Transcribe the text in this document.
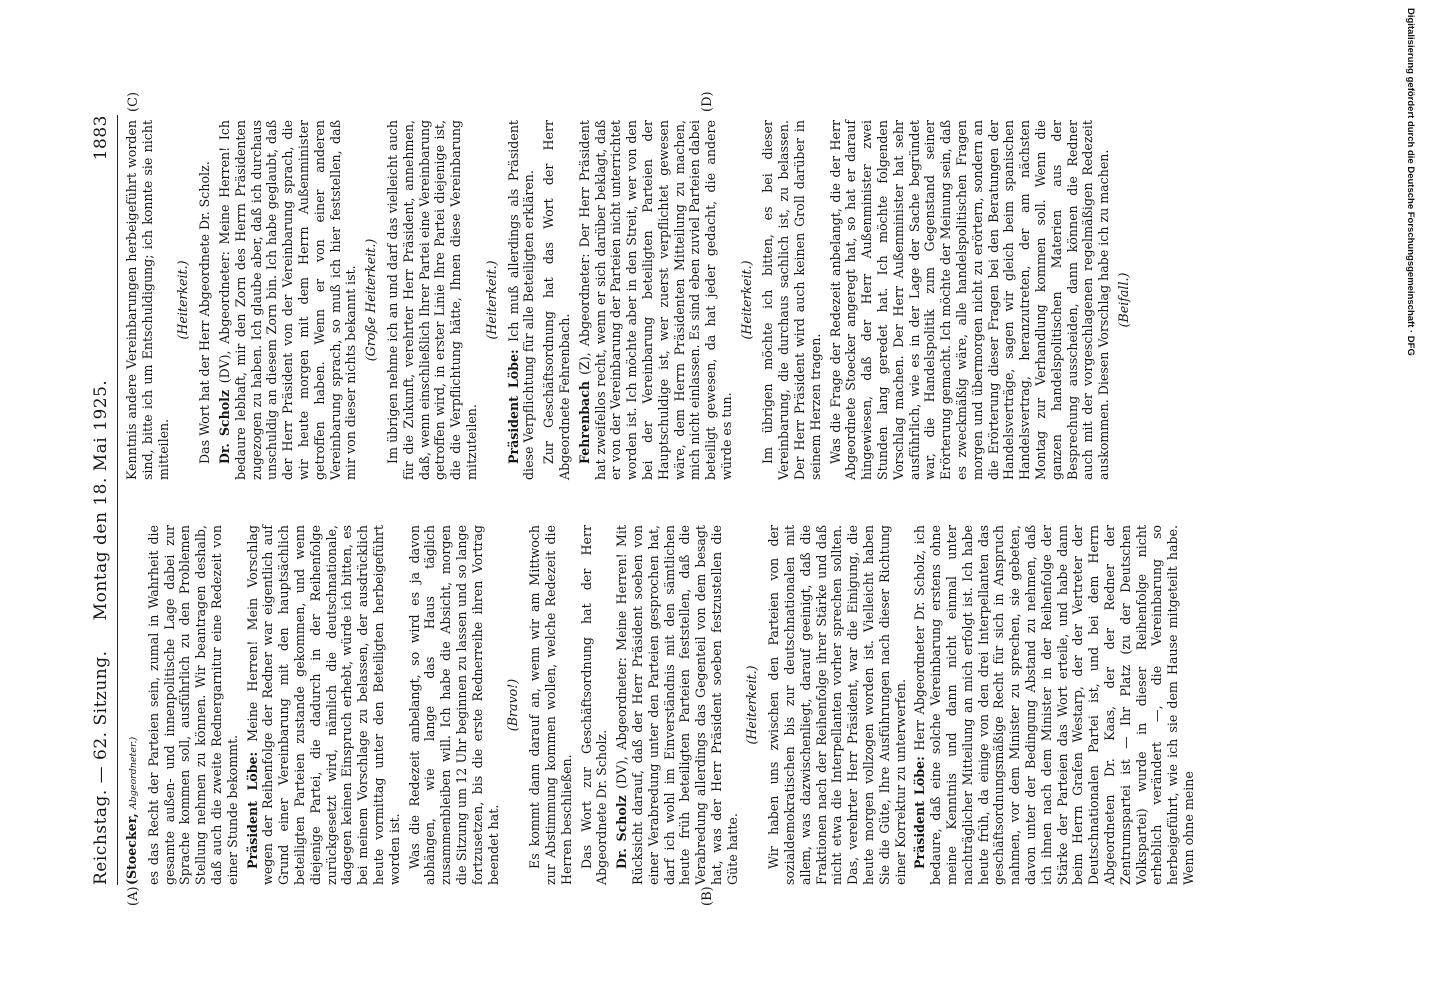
Reichstag. — 62. Sitzung.
Montag den 18. Mai 1925.
1883
(A)	(B)
(C)	(D)

(Stoecker, Abgeordneter.) es das Recht der Parteien sein, zumal in Wahrheit die gesamte außen- und innenpolitische Lage dabei zur Sprache kommen soll, ausführlich zu den Problemen Stellung nehmen zu können. Wir beantragen deshalb, daß auch die zweite Rednergarnitur eine Redezeit von einer Stunde bekommt. Präsident Löbe: Meine Herren! Mein Vorschlag wegen der Reihenfolge der Redner war eigentlich auf Grund einer Vereinbarung mit den hauptsächlich beteiligten Parteien zustande gekommen, und wenn diejenige Partei, die dadurch in der Reihenfolge zurückgesetzt wird, nämlich die deutschnationale, dagegen keinen Einspruch erhebt, würde ich bitten, es bei meinem Vorschlage zu belassen, der ausdrücklich heute vormittag unter den Beteiligten herbeigeführt worden ist. Was die Redezeit anbelangt, so wird es ja davon abhängen, wie lange das Haus täglich zusammenbleiben will. Ich habe die Absicht, morgen die Sitzung um 12 Uhr beginnen zu lassen und so lange fortzusetzen, bis die erste Rednerreihe ihren Vortrag beendet hat.

(Bravo!) Es kommt dann darauf an, wenn wir am Mittwoch zur Abstimmung kommen wollen, welche Redezeit die Herren beschließen. Das Wort zur Geschäftsordnung hat der Herr Abgeordnete Dr. Scholz. Dr. Scholz (DV), Abgeordneter: Meine Herren! Mit Rücksicht darauf, daß der Herr Präsident soeben von einer Verabredung unter den Parteien gesprochen hat, darf ich wohl im Einverständnis mit den sämtlichen heute früh beteiligten Parteien feststellen, daß die Verabredung allerdings das Gegenteil von dem besagt hat, was der Herr Präsident soeben festzustellen die Güte hatte.

(Heiterkeit.) Wir haben uns zwischen den Parteien von der sozialdemokratischen bis zur deutschnationalen mit allem, was dazwischenliegt, darauf geeinigt, daß die Fraktionen nach der Reihenfolge ihrer Stärke und daß nicht etwa die Interpellanten vorher sprechen sollten. Das, verehrter Herr Präsident, war die Einigung, die heute morgen vollzogen worden ist. Vielleicht haben Sie die Güte, Ihre Ausführungen nach dieser Richtung einer Korrektur zu unterwerfen. Präsident Löbe: Herr Abgeordneter Dr. Scholz, ich bedaure, daß eine solche Vereinbarung erstens ohne meine Kenntnis und dann nicht einmal unter nachträglicher Mitteilung an mich erfolgt ist. Ich habe heute früh, da einige von den drei Interpellanten das geschäftsordnungsmäßige Recht für sich in Anspruch nahmen, vor dem Minister zu sprechen, sie gebeten, davon unter der Bedingung Abstand zu nehmen, daß ich ihnen nach dem Minister in der Reihenfolge der Stärke der Parteien das Wort erteile, und habe dann beim Herrn Grafen Westarp, der der Vertreter der Deutschnationalen Partei ist, und bei dem Herrn Abgeordneten Dr. Kaas, der der Redner der Zentrumspartei ist — Ihr Platz (zu der Deutschen Volkspartei) wurde in dieser Reihenfolge nicht erheblich verändert —, die Vereinbarung so herbeigeführt, wie ich sie dem Hause mitgeteilt habe. Wenn ohne meine

Kenntnis andere Vereinbarungen herbeigeführt worden sind, bitte ich um Entschuldigung; ich konnte sie nicht mitteilen.

(Heiterkeit.) Das Wort hat der Herr Abgeordnete Dr. Scholz. Dr. Scholz (DV), Abgeordneter: Meine Herren! Ich bedaure lebhaft, mir den Zorn des Herrn Präsidenten zugezogen zu haben. Ich glaube aber, daß ich durchaus unschuldig an diesem Zorn bin. Ich habe geglaubt, daß der Herr Präsident von der Vereinbarung sprach, die wir heute morgen mit dem Herrn Außenminister getroffen haben. Wenn er von einer anderen Vereinbarung sprach, so muß ich hier feststellen, daß mir von dieser nichts bekannt ist. (Große Heiterkeit.) Im übrigen nehme ich an und darf das vielleicht auch für die Zukunft, verehrter Herr Präsident, annehmen, daß, wenn einschließlich Ihrer Partei eine Vereinbarung getroffen wird, in erster Linie Ihre Partei diejenige ist, die die Verpflichtung hätte, Ihnen diese Vereinbarung mitzuteilen.

(Heiterkeit.)

Präsident Löbe: Ich muß allerdings als Präsident diese Verpflichtung für alle Beteiligten erklären. Zur Geschäftsordnung hat das Wort der Herr Abgeordnete Fehrenbach. Fehrenbach (Z), Abgeordneter: Der Herr Präsident hat zweifellos recht, wenn er sich darüber beklagt, daß er von der Vereinbarung der Parteien nicht unterrichtet worden ist. Ich möchte aber in den Streit, wer von den bei der Vereinbarung beteiligten Parteien der Hauptschuldige ist, wer zuerst verpflichtet gewesen wäre, dem Herrn Präsidenten Mitteilung zu machen, mich nicht einlassen. Es sind eben zuviel Parteien dabei beteiligt gewesen, da hat jeder gedacht, die andere würde es tun.

(Heiterkeit.) Im übrigen möchte ich bitten, es bei dieser Vereinbarung, die durchaus sachlich ist, zu belassen. Der Herr Präsident wird auch keinen Groll darüber in seinem Herzen tragen. Was die Frage der Redezeit anbelangt, die der Herr Abgeordnete Stoecker angeregt hat, so hat er darauf hingewiesen, daß der Herr Außenminister zwei Stunden lang geredet hat. Ich möchte folgenden Vorschlag machen. Der Herr Außenminister hat sehr ausführlich, wie es in der Lage der Sache begründet war, die Handelspolitik zum Gegenstand seiner Erörterung gemacht. Ich möchte der Meinung sein, daß es zweckmäßig wäre, alle handelspolitischen Fragen morgen und übermorgen nicht zu erörtern, sondern an die Erörterung dieser Fragen bei den Beratungen der Handelsverträge, sagen wir gleich beim spanischen Handelsvertrag, heranzutreten, der am nächsten Montag zur Verhandlung kommen soll. Wenn die ganzen handelspolitischen Materien aus der Besprechung ausscheiden, dann können die Redner auch mit der vorgeschlagenen regelmäßigen Redezeit auskommen. Diesen Vorschlag habe ich zu machen. (Beifall.)	Digitalisierung gefördert durch die Deutsche Forschungsgemeinschaft · DFG
